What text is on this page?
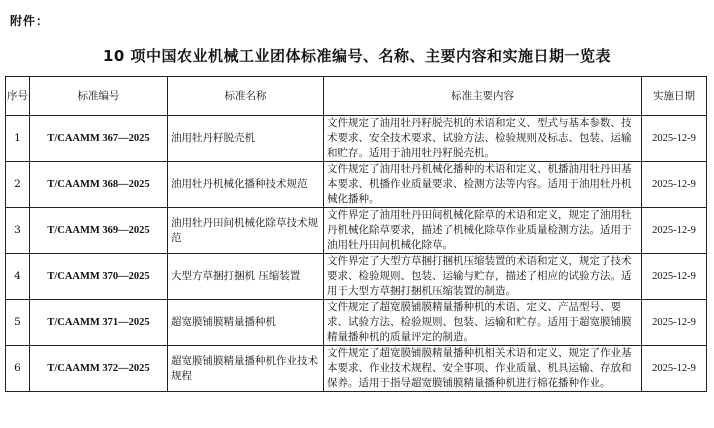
附件：
10 项中国农业机械工业团体标准编号、名称、主要内容和实施日期一览表
序号	标准编号	标准名称	标准主要内容	实施日期
1	T/CAAMM 367—2025	油用牡丹籽脱壳机	文件规定了油用牡丹籽脱壳机的术语和定义、型式与基本参数、技术要求、安全技术要求、试验方法、检验规则及标志、包装、运输和贮存。适用于油用牡丹籽脱壳机。	2025-12-9
2	T/CAAMM 368—2025	油用牡丹机械化播种技术规范	文件规定了油用牡丹机械化播种的术语和定义、机播油用牡丹田基本要求、机播作业质量要求、检测方法等内容。适用于油用牡丹机械化播种。	2025-12-9
3	T/CAAMM 369—2025	油用牡丹田间机械化除草技术规范	文件界定了油用牡丹田间机械化除草的术语和定义，规定了油用牡丹机械化除草要求，描述了机械化除草作业质量检测方法。适用于油用牡丹田间机械化除草。	2025-12-9
4	T/CAAMM 370—2025	大型方草捆打捆机 压缩装置	文件界定了大型方草捆打捆机压缩装置的术语和定义，规定了技术要求、检验规则、包装、运输与贮存，描述了相应的试验方法。适用于大型方草捆打捆机压缩装置的制造。	2025-12-9
5	T/CAAMM 371—2025	超宽膜铺膜精量播种机	文件规定了超宽膜铺膜精量播种机的术语、定义、产品型号、要求、试验方法、检验规则、包装、运输和贮存。适用于超宽膜铺膜精量播种机的质量评定的制造。	2025-12-9
6	T/CAAMM 372—2025	超宽膜铺膜精量播种机作业技术规程	文件规定了超宽膜铺膜精量播种机相关术语和定义、规定了作业基本要求、作业技术规程、安全事项、作业质量、机具运输、存放和保养。适用于指导超宽膜铺膜精量播种机进行棉花播种作业。	2025-12-9
